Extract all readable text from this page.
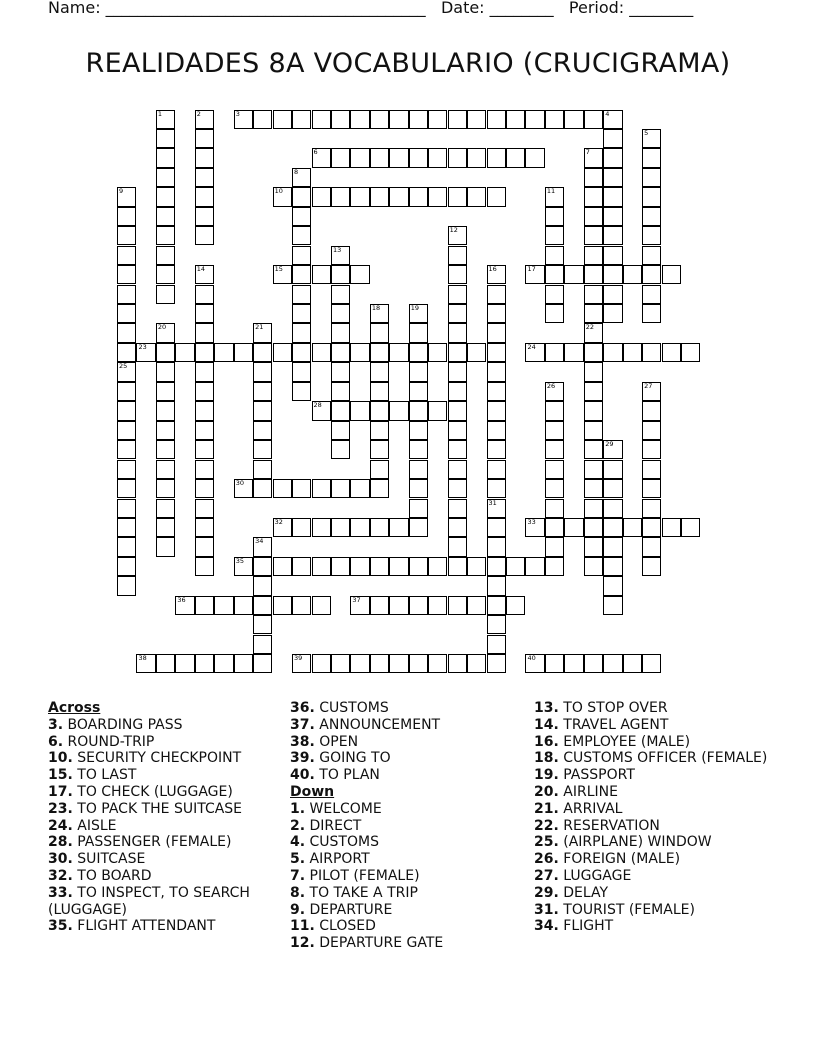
Name: ________________________________________   Date: ________   Period: ________
REALIDADES 8A VOCABULARIO (CRUCIGRAMA)
1	2	3	4
5
6	7
22
8
9	10	11
12
13
14	15	16
31
17
18	19
20	21
23	24
25
26	27
28
29
30
32	33
34
35
36	37
38	39	40
Across
3. BOARDING PASS
6. ROUND-TRIP
10. SECURITY CHECKPOINT
15. TO LAST
17. TO CHECK (LUGGAGE)
23. TO PACK THE SUITCASE
24. AISLE
28. PASSENGER (FEMALE)
30. SUITCASE
32. TO BOARD
33. TO INSPECT, TO SEARCH (LUGGAGE)
35. FLIGHT ATTENDANT
36. CUSTOMS
37. ANNOUNCEMENT
38. OPEN
39. GOING TO
40. TO PLAN
Down
1. WELCOME
2. DIRECT
4. CUSTOMS
5. AIRPORT
7. PILOT (FEMALE)
8. TO TAKE A TRIP
9. DEPARTURE
11. CLOSED
12. DEPARTURE GATE
13. TO STOP OVER
14. TRAVEL AGENT
16. EMPLOYEE (MALE)
18. CUSTOMS OFFICER (FEMALE)
19. PASSPORT
20. AIRLINE
21. ARRIVAL
22. RESERVATION
25. (AIRPLANE) WINDOW
26. FOREIGN (MALE)
27. LUGGAGE
29. DELAY
31. TOURIST (FEMALE)
34. FLIGHT
